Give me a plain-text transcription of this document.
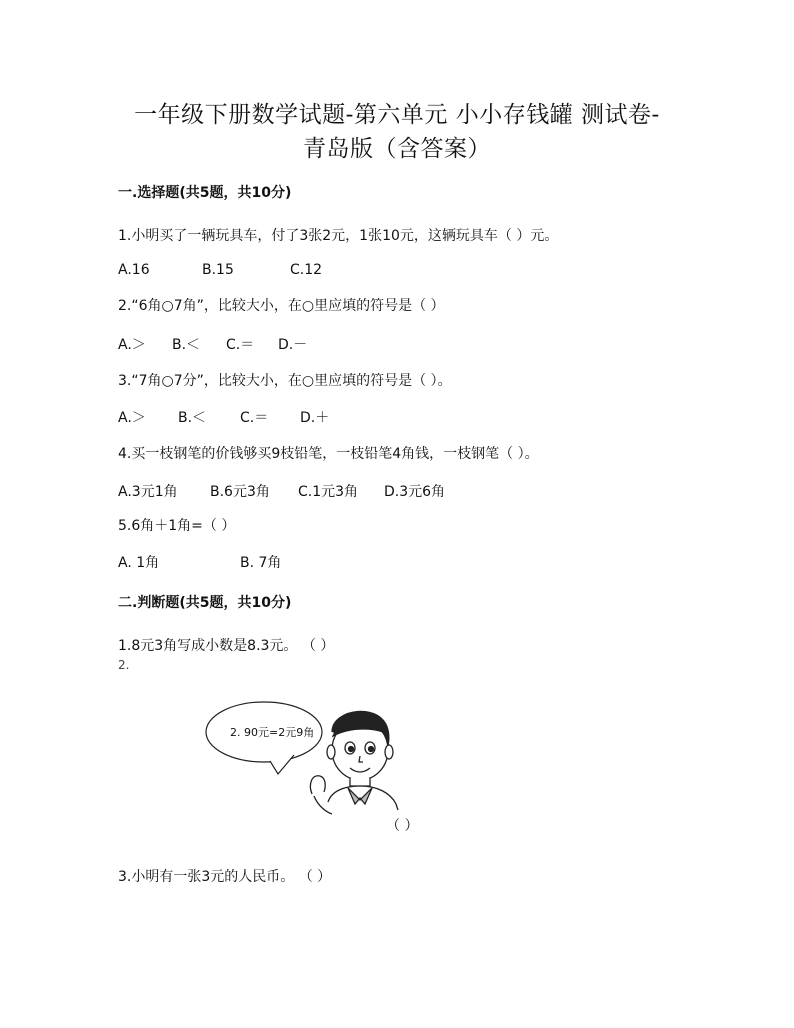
一年级下册数学试题-第六单元 小小存钱罐 测试卷-
青岛版（含答案）
一.选择题(共5题，共10分)
1.小明买了一辆玩具车，付了3张2元，1张10元，这辆玩具车（ ）元。
A.16	B.15	C.12
2.“6角○7角”，比较大小，在○里应填的符号是（ ）
A.＞ B.＜ C.＝ D.－
3.“7角○7分”，比较大小，在○里应填的符号是（ ）。
A.＞ B.＜ C.＝ D.＋
4.买一枝钢笔的价钱够买9枝铅笔，一枝铅笔4角钱，一枝钢笔（ ）。
A.3元1角 B.6元3角 C.1元3角 D.3元6角
5.6角＋1角=（ ）
A. 1角	B. 7角
二.判断题(共5题，共10分)
1.8元3角写成小数是8.3元。 （ ）
2.
2. 90元=2元9角
（ ）
3.小明有一张3元的人民币。 （ ）
